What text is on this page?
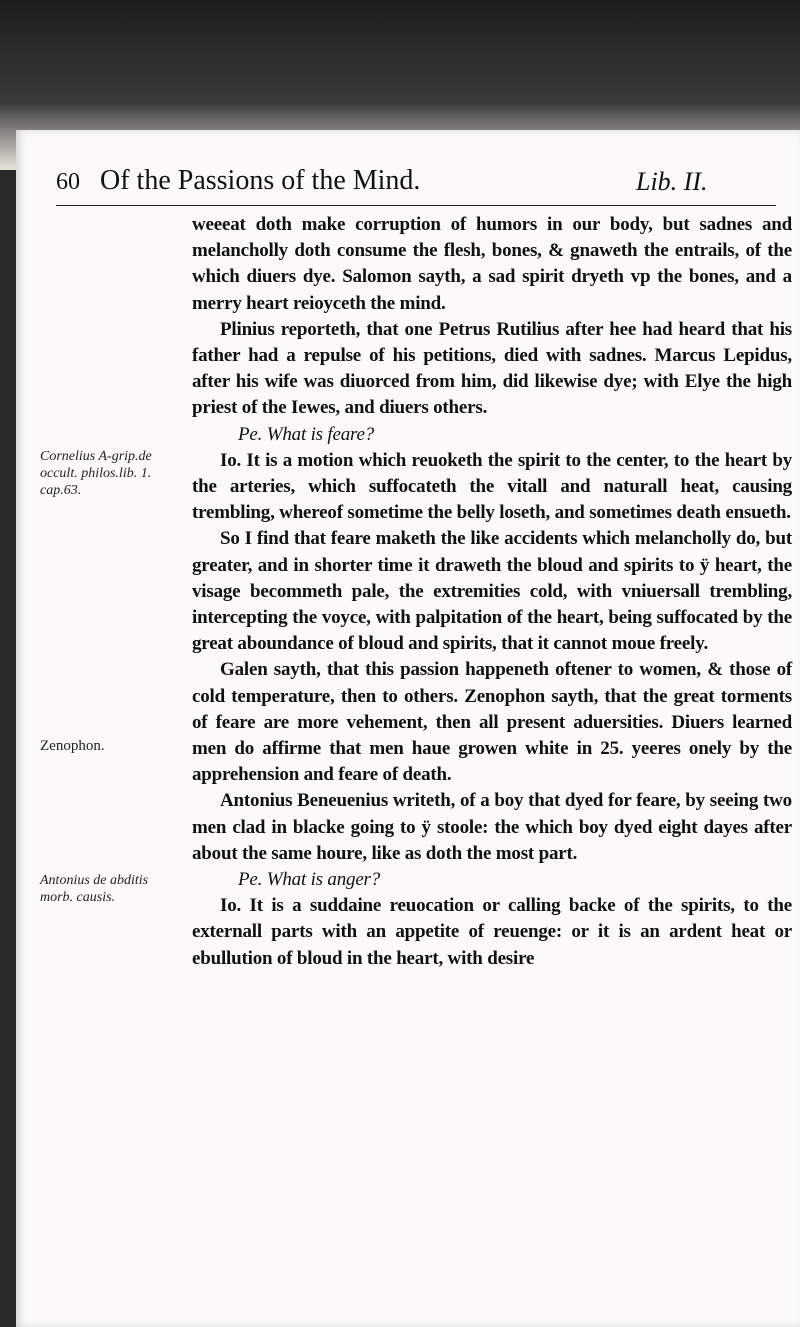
60 Of the Passions of the Mind.	Lib. II.
Cornelius A-grip.de occult. philos.lib. 1. cap.63.
Zenophon.
Antonius de abditis morb. causis.

weeeat doth make corruption of humors in our body, but sadnes and melancholly doth consume the flesh, bones, & gnaweth the entrails, of the which diuers dye. Salomon sayth, a sad spirit dryeth vp the bones, and a merry heart reioyceth the mind.

Plinius reporteth, that one Petrus Rutilius after hee had heard that his father had a repulse of his petitions, died with sadnes. Marcus Lepidus, after his wife was diuorced from him, did likewise dye; with Elye the high priest of the Iewes, and diuers others.

Pe. What is feare?

Io. It is a motion which reuoketh the spirit to the center, to the heart by the arteries, which suffocateth the vitall and naturall heat, causing trembling, whereof sometime the belly loseth, and sometimes death ensueth.

So I find that feare maketh the like accidents which melancholly do, but greater, and in shorter time it draweth the bloud and spirits to ÿ heart, the visage becommeth pale, the extremities cold, with vniuersall trembling, intercepting the voyce, with palpitation of the heart, being suffocated by the great aboundance of bloud and spirits, that it cannot moue freely.

Galen sayth, that this passion happeneth oftener to women, & those of cold temperature, then to others. Zenophon sayth, that the great torments of feare are more vehement, then all present aduersities. Diuers learned men do affirme that men haue growen white in 25. yeeres onely by the apprehension and feare of death.

Antonius Beneuenius writeth, of a boy that dyed for feare, by seeing two men clad in blacke going to ÿ stoole: the which boy dyed eight dayes after about the same houre, like as doth the most part.

Pe. What is anger?

Io. It is a suddaine reuocation or calling backe of the spirits, to the externall parts with an appetite of reuenge: or it is an ardent heat or ebullution of bloud in the heart, with desire
